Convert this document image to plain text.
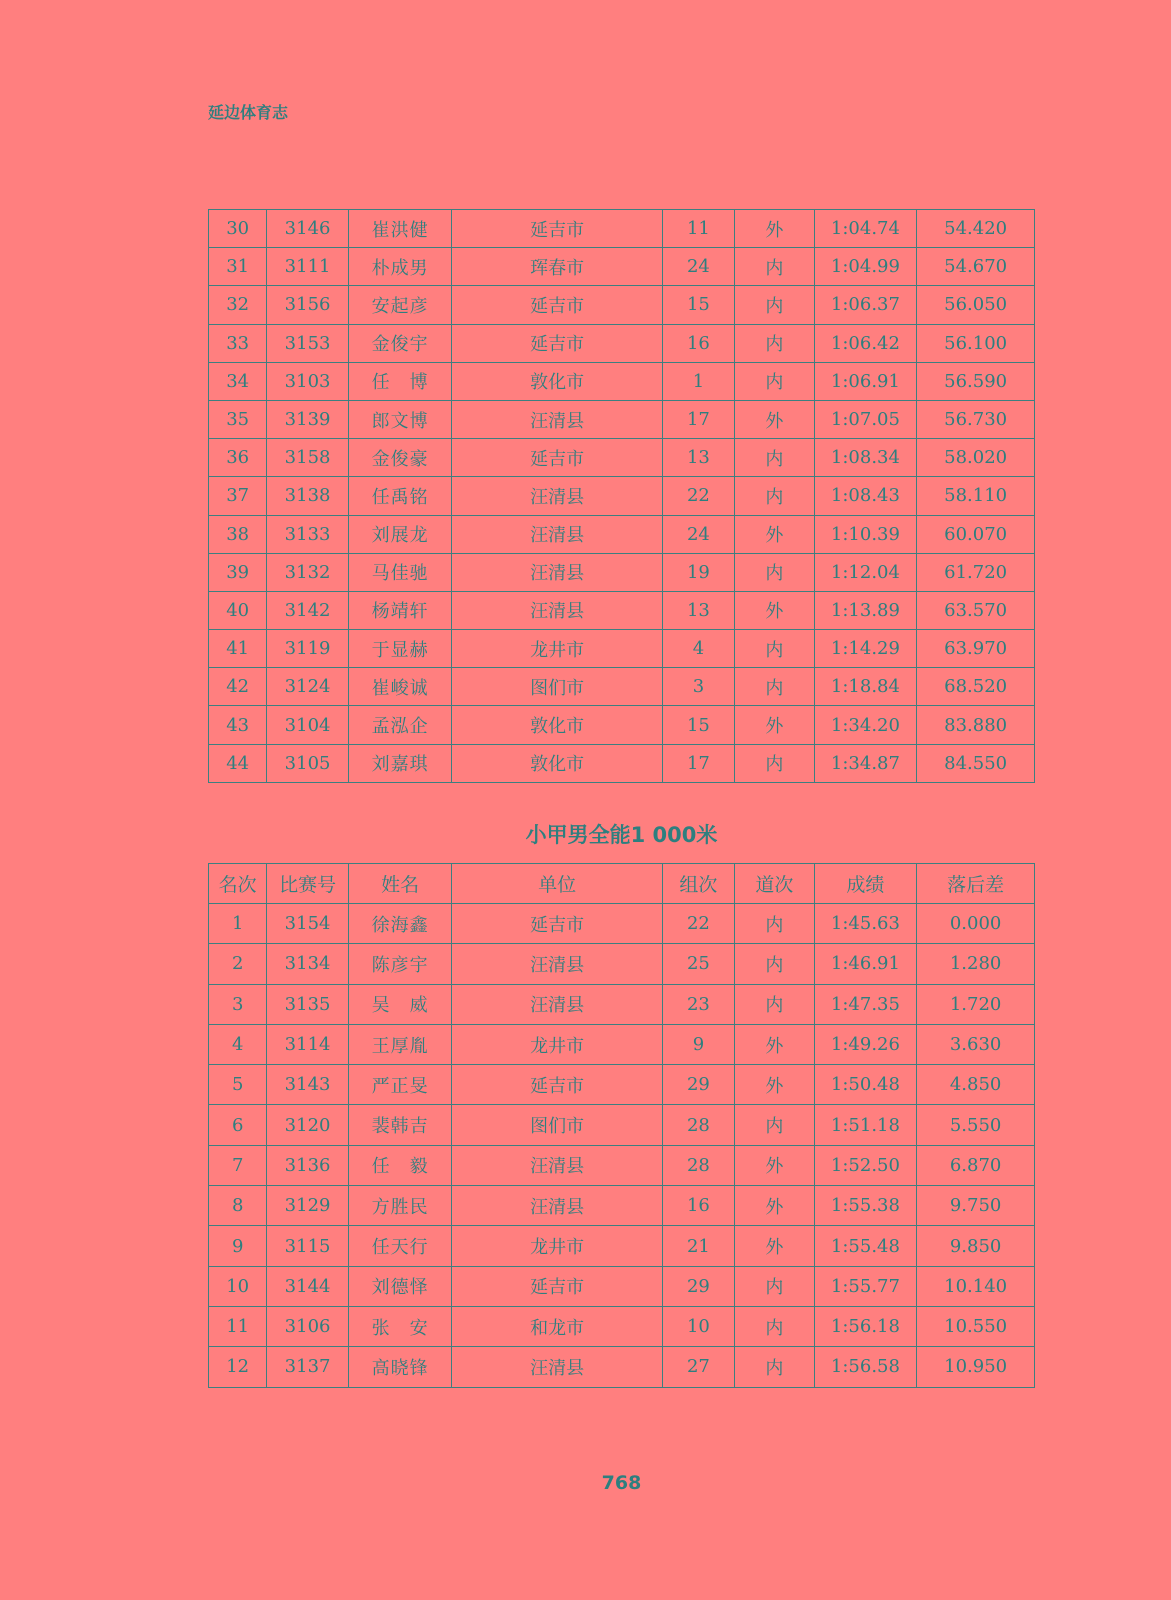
延边体育志
30	3146	崔洪健	延吉市	11	外	1:04.74	54.420
31	3111	朴成男	珲春市	24	内	1:04.99	54.670
32	3156	安起彦	延吉市	15	内	1:06.37	56.050
33	3153	金俊宇	延吉市	16	内	1:06.42	56.100
34	3103	任　博	敦化市	1	内	1:06.91	56.590
35	3139	郎文博	汪清县	17	外	1:07.05	56.730
36	3158	金俊豪	延吉市	13	内	1:08.34	58.020
37	3138	任禹铭	汪清县	22	内	1:08.43	58.110
38	3133	刘展龙	汪清县	24	外	1:10.39	60.070
39	3132	马佳驰	汪清县	19	内	1:12.04	61.720
40	3142	杨靖轩	汪清县	13	外	1:13.89	63.570
41	3119	于显赫	龙井市	4	内	1:14.29	63.970
42	3124	崔峻诚	图们市	3	内	1:18.84	68.520
43	3104	孟泓企	敦化市	15	外	1:34.20	83.880
44	3105	刘嘉琪	敦化市	17	内	1:34.87	84.550
小甲男全能1 000米
名次	比赛号	姓名	单位	组次	道次	成绩	落后差
1	3154	徐海鑫	延吉市	22	内	1:45.63	0.000
2	3134	陈彦宇	汪清县	25	内	1:46.91	1.280
3	3135	吴　威	汪清县	23	内	1:47.35	1.720
4	3114	王厚胤	龙井市	9	外	1:49.26	3.630
5	3143	严正旻	延吉市	29	外	1:50.48	4.850
6	3120	裴韩吉	图们市	28	内	1:51.18	5.550
7	3136	任　毅	汪清县	28	外	1:52.50	6.870
8	3129	方胜民	汪清县	16	外	1:55.38	9.750
9	3115	任天行	龙井市	21	外	1:55.48	9.850
10	3144	刘德怿	延吉市	29	内	1:55.77	10.140
11	3106	张　安	和龙市	10	内	1:56.18	10.550
12	3137	高晓锋	汪清县	27	内	1:56.58	10.950
768
